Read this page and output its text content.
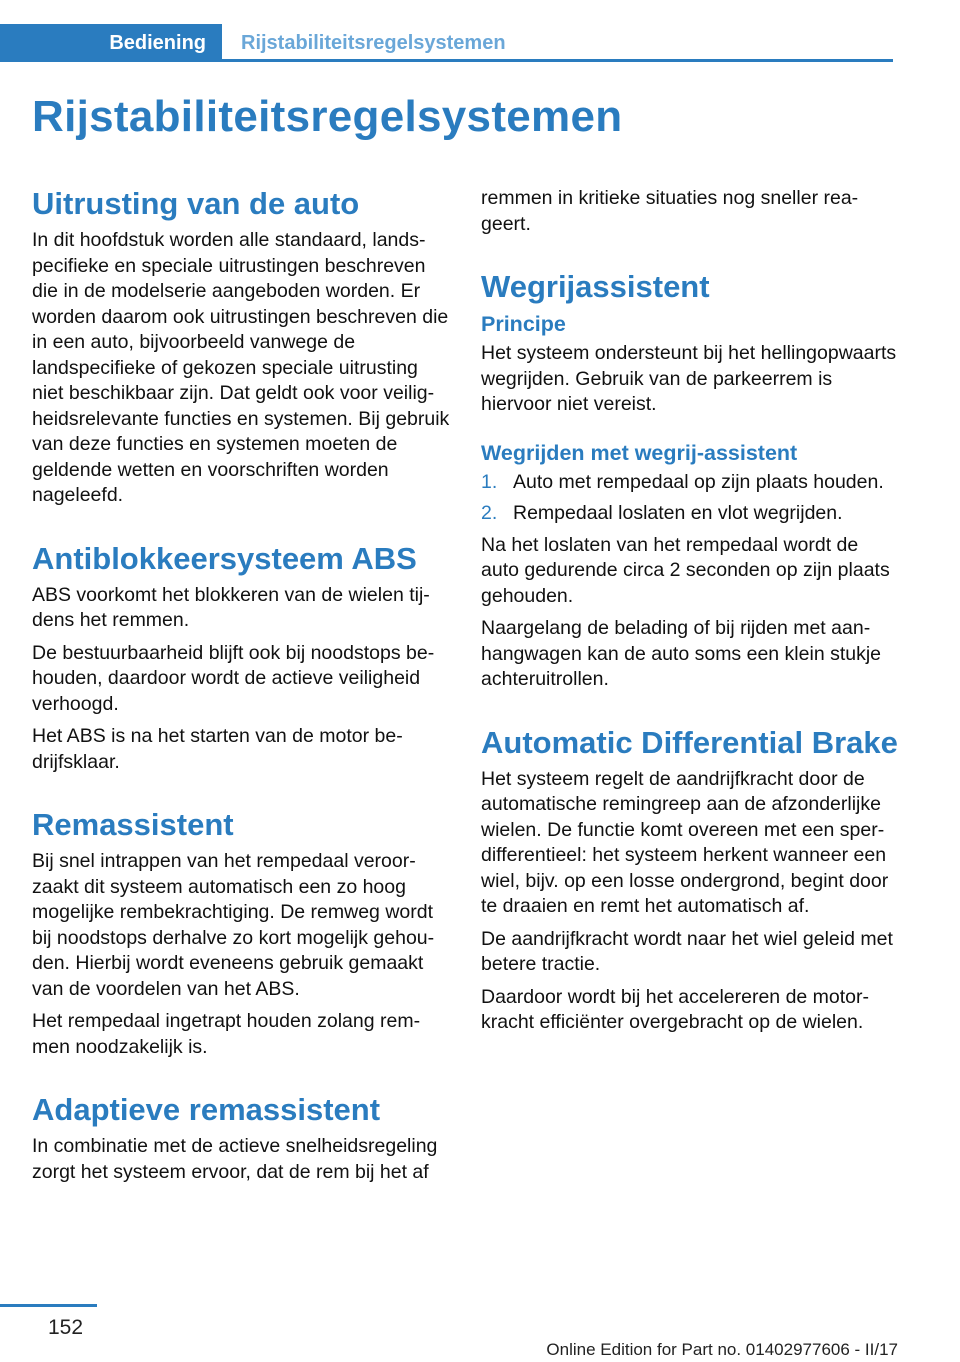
Bediening	Rijstabiliteitsregelsystemen
Rijstabiliteitsregelsystemen
Uitrusting van de auto

In dit hoofdstuk worden alle standaard, landspecifieke en speciale uitrustingen beschreven die in de modelserie aangeboden worden. Er worden daarom ook uitrustingen beschreven die in een auto, bijvoorbeeld vanwege de landspecifieke of gekozen speciale uitrusting niet beschikbaar zijn. Dat geldt ook voor veiligheidsrelevante functies en systemen. Bij gebruik van deze functies en systemen moeten de geldende wetten en voorschriften worden nageleefd.

Antiblokkeersysteem ABS

ABS voorkomt het blokkeren van de wielen tijdens het remmen.

De bestuurbaarheid blijft ook bij noodstops behouden, daardoor wordt de actieve veiligheid verhoogd.

Het ABS is na het starten van de motor bedrijfsklaar.

Remassistent

Bij snel intrappen van het rempedaal veroorzaakt dit systeem automatisch een zo hoog mogelijke rembekrachtiging. De remweg wordt bij noodstops derhalve zo kort mogelijk gehouden. Hierbij wordt eveneens gebruik gemaakt van de voordelen van het ABS.

Het rempedaal ingetrapt houden zolang remmen noodzakelijk is.

Adaptieve remassistent

In combinatie met de actieve snelheidsregeling zorgt het systeem ervoor, dat de rem bij het af

remmen in kritieke situaties nog sneller reageert.

Wegrijassistent
Principe

Het systeem ondersteunt bij het hellingopwaarts wegrijden. Gebruik van de parkeerrem is hiervoor niet vereist.

Wegrijden met wegrij-assistent
1. Auto met rempedaal op zijn plaats houden.
2. Rempedaal loslaten en vlot wegrijden.

Na het loslaten van het rempedaal wordt de auto gedurende circa 2 seconden op zijn plaats gehouden.

Naargelang de belading of bij rijden met aanhangwagen kan de auto soms een klein stukje achteruitrollen.

Automatic Differential Brake

Het systeem regelt de aandrijfkracht door de automatische remingreep aan de afzonderlijke wielen. De functie komt overeen met een sperdifferentieel: het systeem herkent wanneer een wiel, bijv. op een losse ondergrond, begint door te draaien en remt het automatisch af.

De aandrijfkracht wordt naar het wiel geleid met betere tractie.

Daardoor wordt bij het accelereren de motorkracht efficiënter overgebracht op de wielen.

152
Online Edition for Part no. 01402977606 - II/17
